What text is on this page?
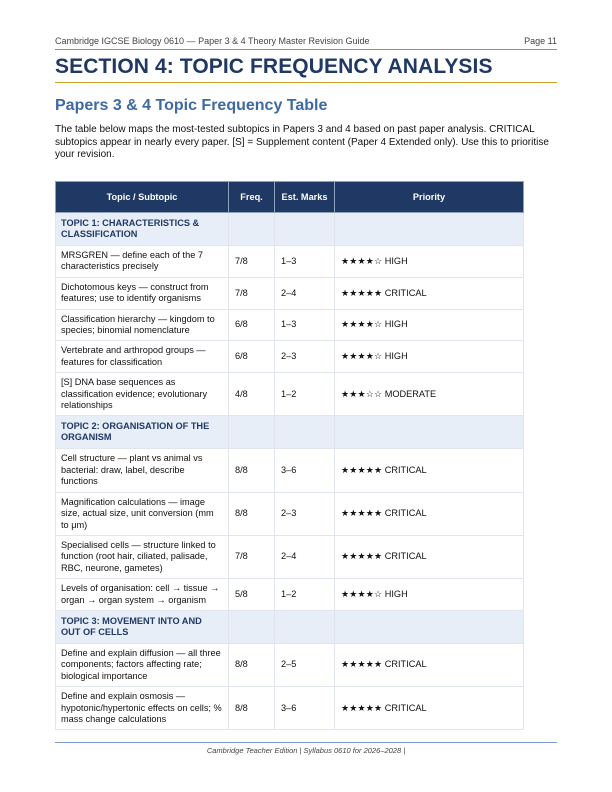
Cambridge IGCSE Biology 0610 — Paper 3 & 4 Theory Master Revision Guide	Page 11
SECTION 4: TOPIC FREQUENCY ANALYSIS
Papers 3 & 4 Topic Frequency Table

The table below maps the most-tested subtopics in Papers 3 and 4 based on past paper analysis. CRITICAL subtopics appear in nearly every paper. [S] = Supplement content (Paper 4 Extended only). Use this to prioritise your revision.

Topic / Subtopic	Freq.	Est. Marks	Priority
TOPIC 1: CHARACTERISTICS & CLASSIFICATION			
MRSGREN — define each of the 7 characteristics precisely	7/8	1–3	★★★★☆ HIGH
Dichotomous keys — construct from features; use to identify organisms	7/8	2–4	★★★★★ CRITICAL
Classification hierarchy — kingdom to species; binomial nomenclature	6/8	1–3	★★★★☆ HIGH
Vertebrate and arthropod groups — features for classification	6/8	2–3	★★★★☆ HIGH
[S] DNA base sequences as classification evidence; evolutionary relationships	4/8	1–2	★★★☆☆ MODERATE
TOPIC 2: ORGANISATION OF THE ORGANISM			
Cell structure — plant vs animal vs bacterial: draw, label, describe functions	8/8	3–6	★★★★★ CRITICAL
Magnification calculations — image size, actual size, unit conversion (mm to μm)	8/8	2–3	★★★★★ CRITICAL
Specialised cells — structure linked to function (root hair, ciliated, palisade, RBC, neurone, gametes)	7/8	2–4	★★★★★ CRITICAL
Levels of organisation: cell → tissue → organ → organ system → organism	5/8	1–2	★★★★☆ HIGH
TOPIC 3: MOVEMENT INTO AND OUT OF CELLS			
Define and explain diffusion — all three components; factors affecting rate; biological importance	8/8	2–5	★★★★★ CRITICAL
Define and explain osmosis — hypotonic/hypertonic effects on cells; % mass change calculations	8/8	3–6	★★★★★ CRITICAL
Cambridge Teacher Edition | Syllabus 0610 for 2026–2028 |
